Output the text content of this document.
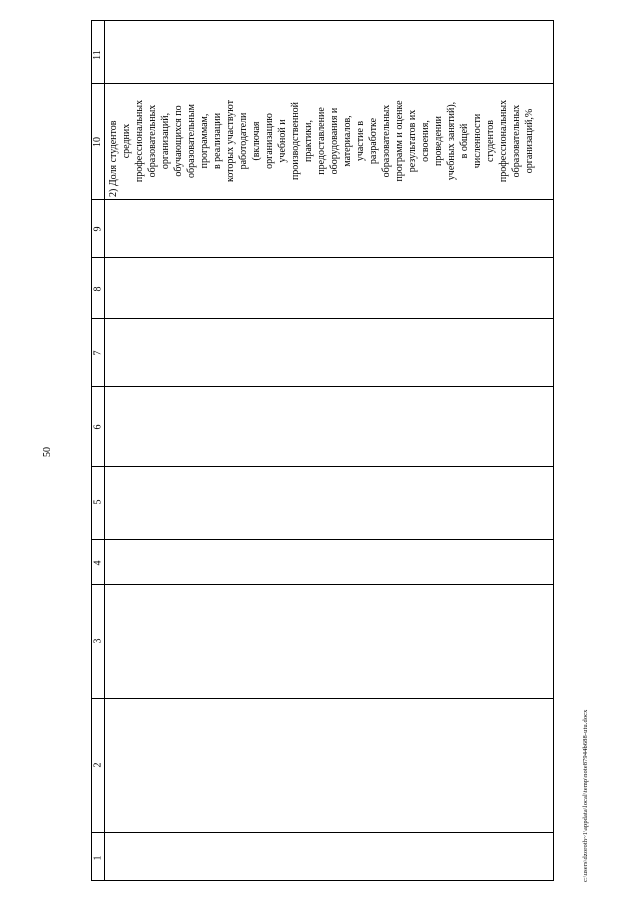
50
1
2
3
4
5
6
7
8
9
10
11
2) Доля студентов средних профессиональных образовательных организаций, обучающихся по образовательным программам, в реализации которых участвуют работодатели (включая организацию учебной и производственной практики, предоставление оборудования и материалов, участие в разработке образовательных программ и оценке результатов их освоения, проведении учебных занятий), в общей численности студентов профессиональных образовательных организаций,%
c:\users\dzoroth~1\appdata\local\temp\note87944b688-utu.docx
